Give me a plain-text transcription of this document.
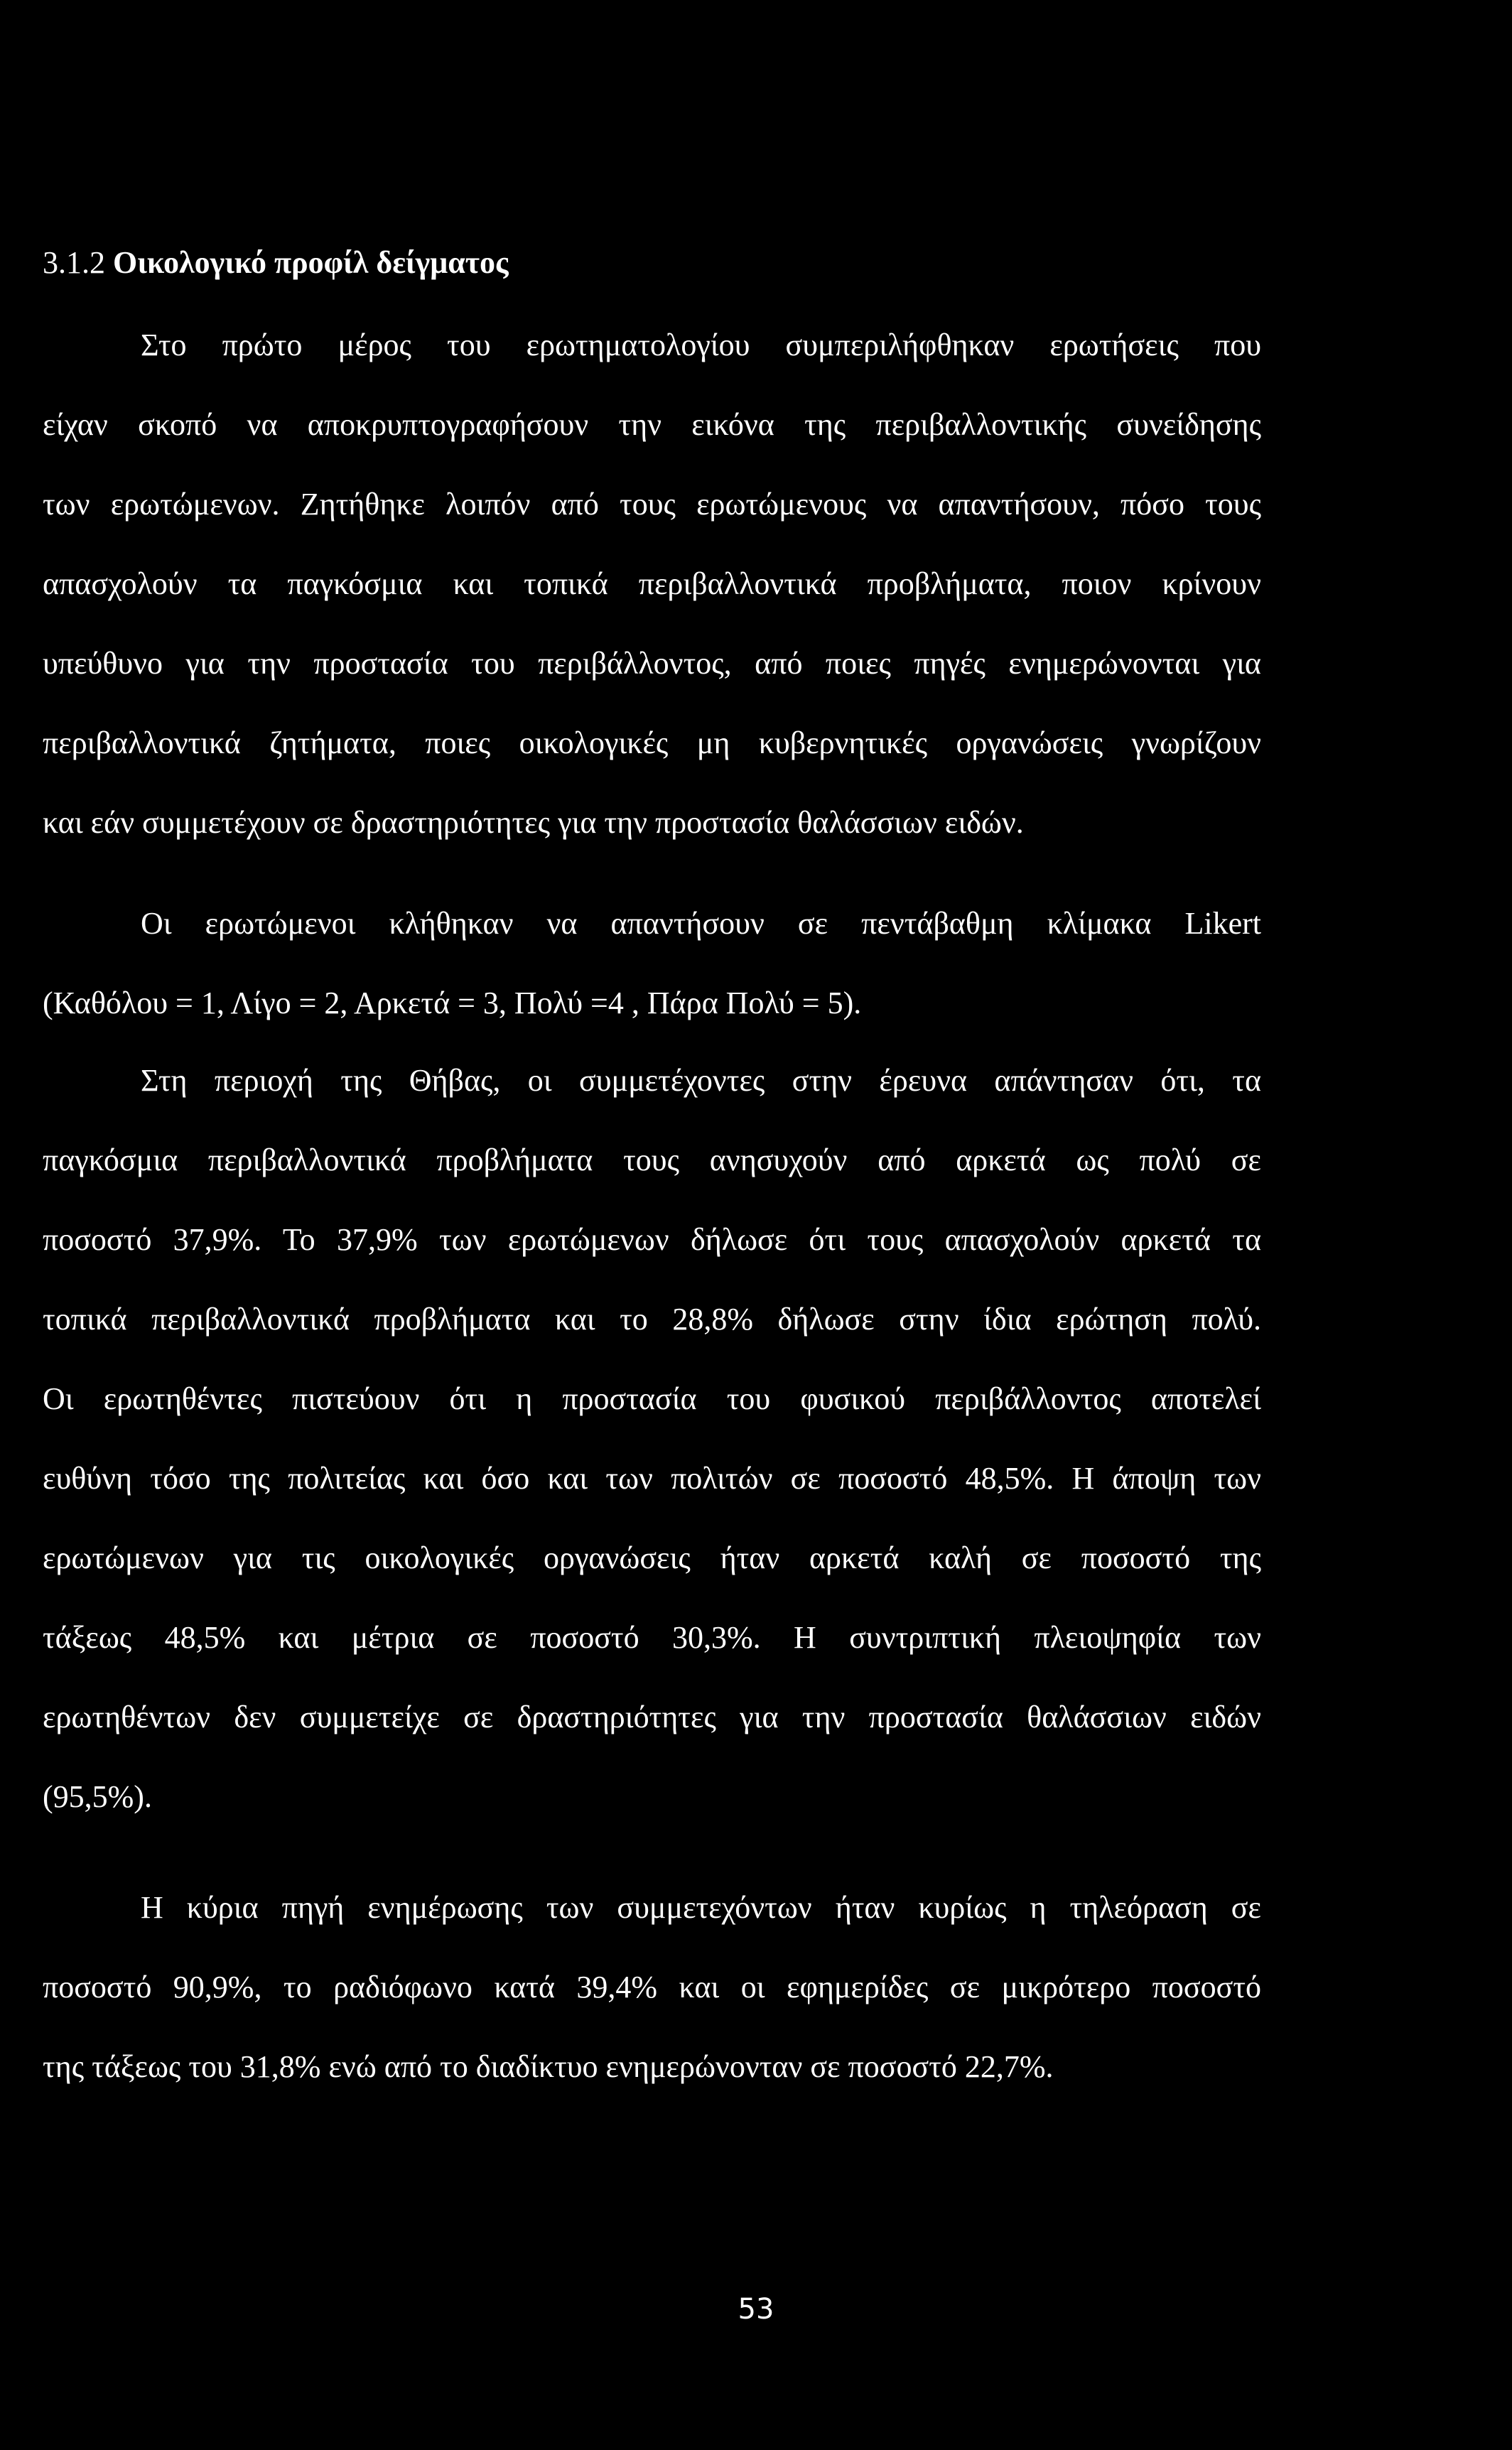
3.1.2 Οικολογικό προφίλ δείγματος
Στο πρώτο μέρος του ερωτηματολογίου συμπεριλήφθηκαν ερωτήσεις που
είχαν σκοπό να αποκρυπτογραφήσουν την εικόνα της περιβαλλοντικής συνείδησης
των ερωτώμενων. Ζητήθηκε λοιπόν από τους ερωτώμενους να απαντήσουν, πόσο τους
απασχολούν τα παγκόσμια και τοπικά περιβαλλοντικά προβλήματα, ποιον κρίνουν
υπεύθυνο για την προστασία του περιβάλλοντος, από ποιες πηγές ενημερώνονται για
περιβαλλοντικά ζητήματα, ποιες οικολογικές μη κυβερνητικές οργανώσεις γνωρίζουν
και εάν συμμετέχουν σε δραστηριότητες για την προστασία θαλάσσιων ειδών.
Οι ερωτώμενοι κλήθηκαν να απαντήσουν σε πεντάβαθμη κλίμακα Likert
(Καθόλου = 1, Λίγο = 2, Αρκετά = 3, Πολύ =4 , Πάρα Πολύ = 5).
Στη περιοχή της Θήβας, οι συμμετέχοντες στην έρευνα απάντησαν ότι, τα
παγκόσμια περιβαλλοντικά προβλήματα τους ανησυχούν από αρκετά ως πολύ σε
ποσοστό 37,9%. Το 37,9% των ερωτώμενων δήλωσε ότι τους απασχολούν αρκετά τα
τοπικά περιβαλλοντικά προβλήματα και το 28,8% δήλωσε στην ίδια ερώτηση πολύ.
Οι ερωτηθέντες πιστεύουν ότι η προστασία του φυσικού περιβάλλοντος αποτελεί
ευθύνη τόσο της πολιτείας και όσο και των πολιτών σε ποσοστό 48,5%. Η άποψη των
ερωτώμενων για τις οικολογικές οργανώσεις ήταν αρκετά καλή σε ποσοστό της
τάξεως 48,5% και μέτρια σε ποσοστό 30,3%. Η συντριπτική πλειοψηφία των
ερωτηθέντων δεν συμμετείχε σε δραστηριότητες για την προστασία θαλάσσιων ειδών
(95,5%).
Η κύρια πηγή ενημέρωσης των συμμετεχόντων ήταν κυρίως η τηλεόραση σε
ποσοστό 90,9%, το ραδιόφωνο κατά 39,4% και οι εφημερίδες σε μικρότερο ποσοστό
της τάξεως του 31,8% ενώ από το διαδίκτυο ενημερώνονταν σε ποσοστό 22,7%.
53
